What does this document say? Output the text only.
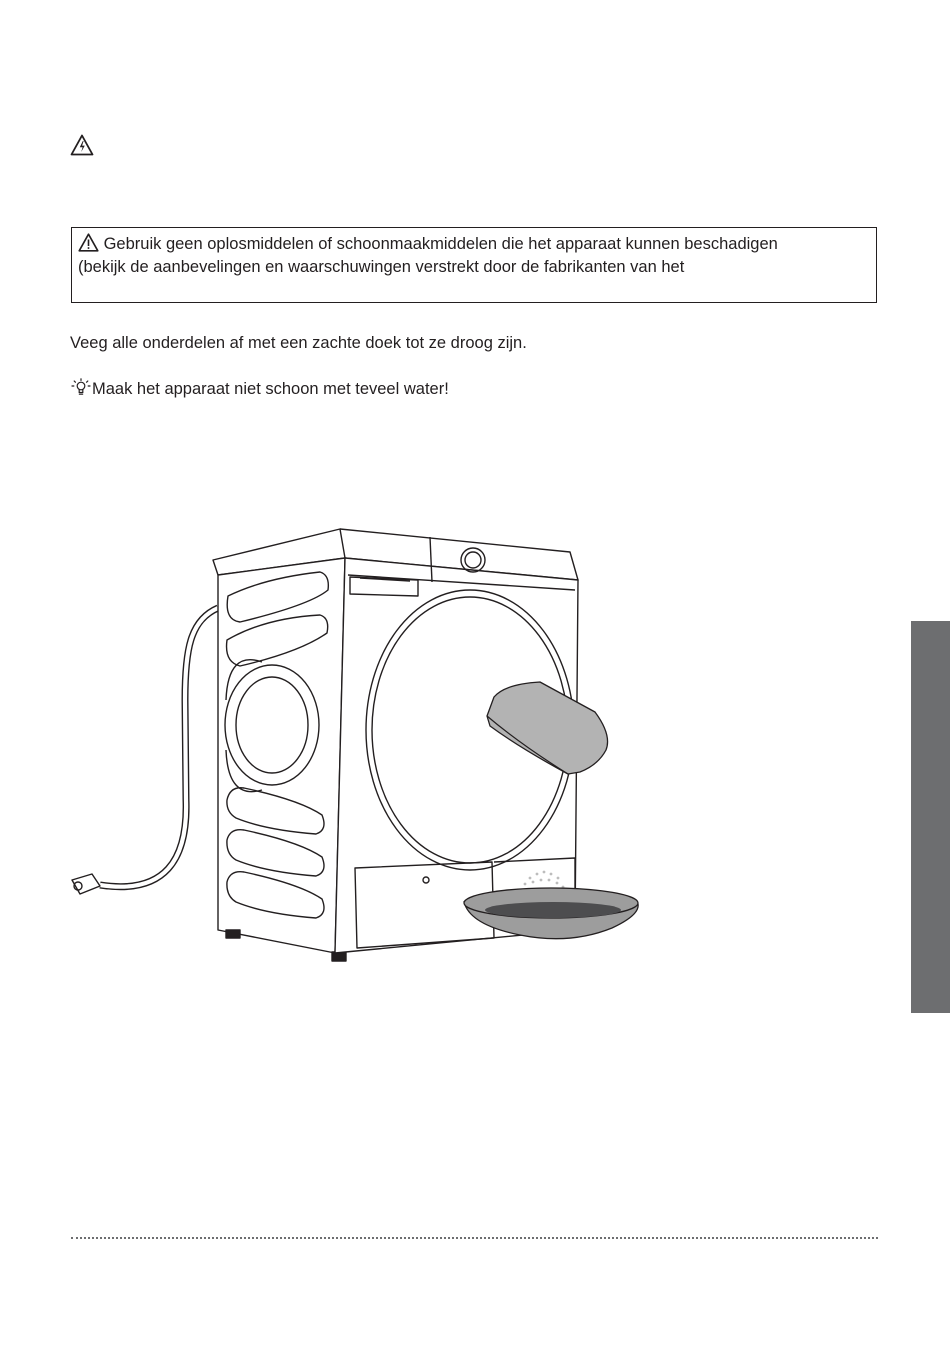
Gebruik geen oplosmiddelen of schoonmaakmiddelen die het apparaat kunnen beschadigen
(bekijk de aanbevelingen en waarschuwingen verstrekt door de fabrikanten van het
Veeg alle onderdelen af met een zachte doek tot ze droog zijn.
Maak het apparaat niet schoon met teveel water!
